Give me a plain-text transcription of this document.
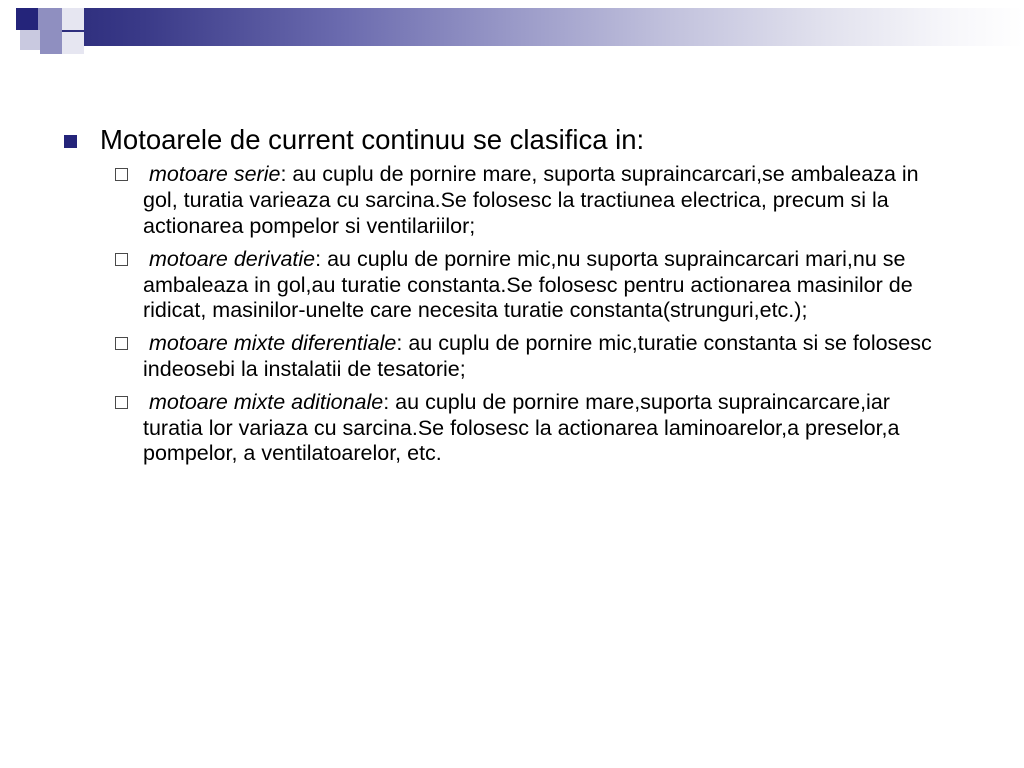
Motoarele de current continuu se clasifica in:
motoare serie: au cuplu de pornire mare, suporta supraincarcari,se ambaleaza in gol, turatia varieaza cu sarcina.Se folosesc la tractiunea electrica, precum si la actionarea pompelor si ventilariilor;
motoare derivatie: au cuplu de pornire mic,nu suporta supraincarcari mari,nu se ambaleaza in gol,au turatie constanta.Se folosesc pentru actionarea masinilor de ridicat, masinilor-unelte care necesita turatie constanta(strunguri,etc.);
motoare mixte diferentiale: au cuplu de pornire mic,turatie constanta si se folosesc indeosebi la instalatii de tesatorie;
motoare mixte aditionale: au cuplu de pornire mare,suporta supraincarcare,iar turatia lor variaza cu sarcina.Se folosesc la actionarea laminoarelor,a preselor,a pompelor, a ventilatoarelor, etc.
